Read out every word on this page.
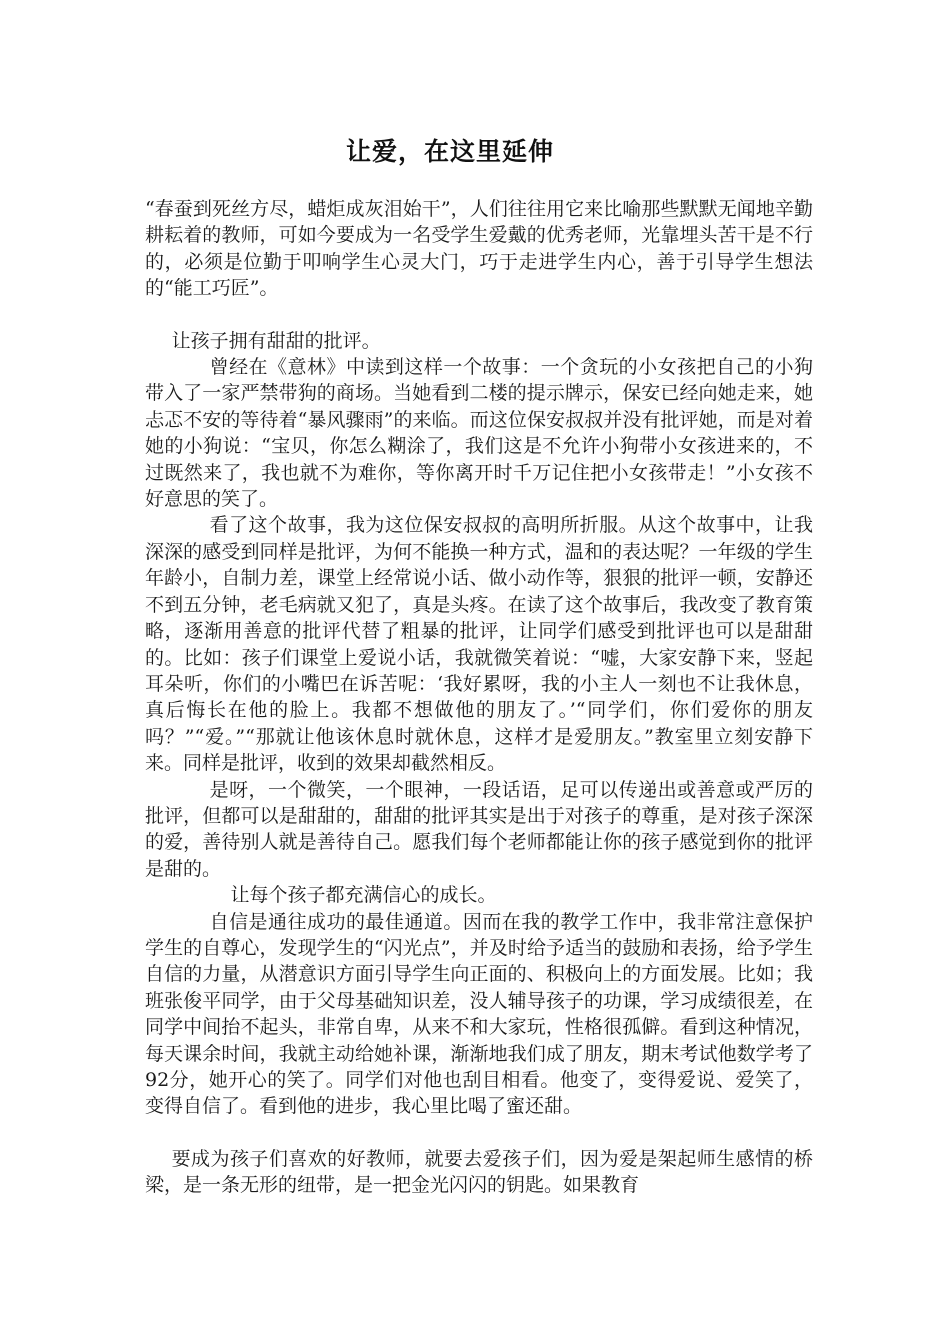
让爱，在这里延伸

“春蚕到死丝方尽，蜡炬成灰泪始干”，人们往往用它来比喻那些默默无闻地辛勤耕耘着的教师，可如今要成为一名受学生爱戴的优秀老师，光靠埋头苦干是不行的，必须是位勤于叩响学生心灵大门，巧于走进学生内心，善于引导学生想法的“能工巧匠”。

让孩子拥有甜甜的批评。

曾经在《意林》中读到这样一个故事：一个贪玩的小女孩把自己的小狗带入了一家严禁带狗的商场。当她看到二楼的提示牌示，保安已经向她走来，她忐忑不安的等待着“暴风骤雨”的来临。而这位保安叔叔并没有批评她，而是对着她的小狗说：“宝贝，你怎么糊涂了，我们这是不允许小狗带小女孩进来的，不过既然来了，我也就不为难你，等你离开时千万记住把小女孩带走！”小女孩不好意思的笑了。

看了这个故事，我为这位保安叔叔的高明所折服。从这个故事中，让我深深的感受到同样是批评，为何不能换一种方式，温和的表达呢？一年级的学生年龄小，自制力差，课堂上经常说小话、做小动作等，狠狠的批评一顿，安静还不到五分钟，老毛病就又犯了，真是头疼。在读了这个故事后，我改变了教育策略，逐渐用善意的批评代替了粗暴的批评，让同学们感受到批评也可以是甜甜的。比如：孩子们课堂上爱说小话，我就微笑着说：“嘘，大家安静下来，竖起耳朵听，你们的小嘴巴在诉苦呢：‘我好累呀，我的小主人一刻也不让我休息，真后悔长在他的脸上。我都不想做他的朋友了。’“同学们，你们爱你的朋友吗？”“爱。”“那就让他该休息时就休息，这样才是爱朋友。”教室里立刻安静下来。同样是批评，收到的效果却截然相反。

是呀，一个微笑，一个眼神，一段话语，足可以传递出或善意或严厉的批评，但都可以是甜甜的，甜甜的批评其实是出于对孩子的尊重，是对孩子深深的爱，善待别人就是善待自己。愿我们每个老师都能让你的孩子感觉到你的批评是甜的。

让每个孩子都充满信心的成长。

自信是通往成功的最佳通道。因而在我的教学工作中，我非常注意保护学生的自尊心，发现学生的“闪光点”，并及时给予适当的鼓励和表扬，给予学生自信的力量，从潜意识方面引导学生向正面的、积极向上的方面发展。比如；我班张俊平同学，由于父母基础知识差，没人辅导孩子的功课，学习成绩很差，在同学中间抬不起头，非常自卑，从来不和大家玩，性格很孤僻。看到这种情况，每天课余时间，我就主动给她补课，渐渐地我们成了朋友，期末考试他数学考了92分，她开心的笑了。同学们对他也刮目相看。他变了，变得爱说、爱笑了，变得自信了。看到他的进步，我心里比喝了蜜还甜。

要成为孩子们喜欢的好教师，就要去爱孩子们，因为爱是架起师生感情的桥梁，是一条无形的纽带，是一把金光闪闪的钥匙。如果教育
